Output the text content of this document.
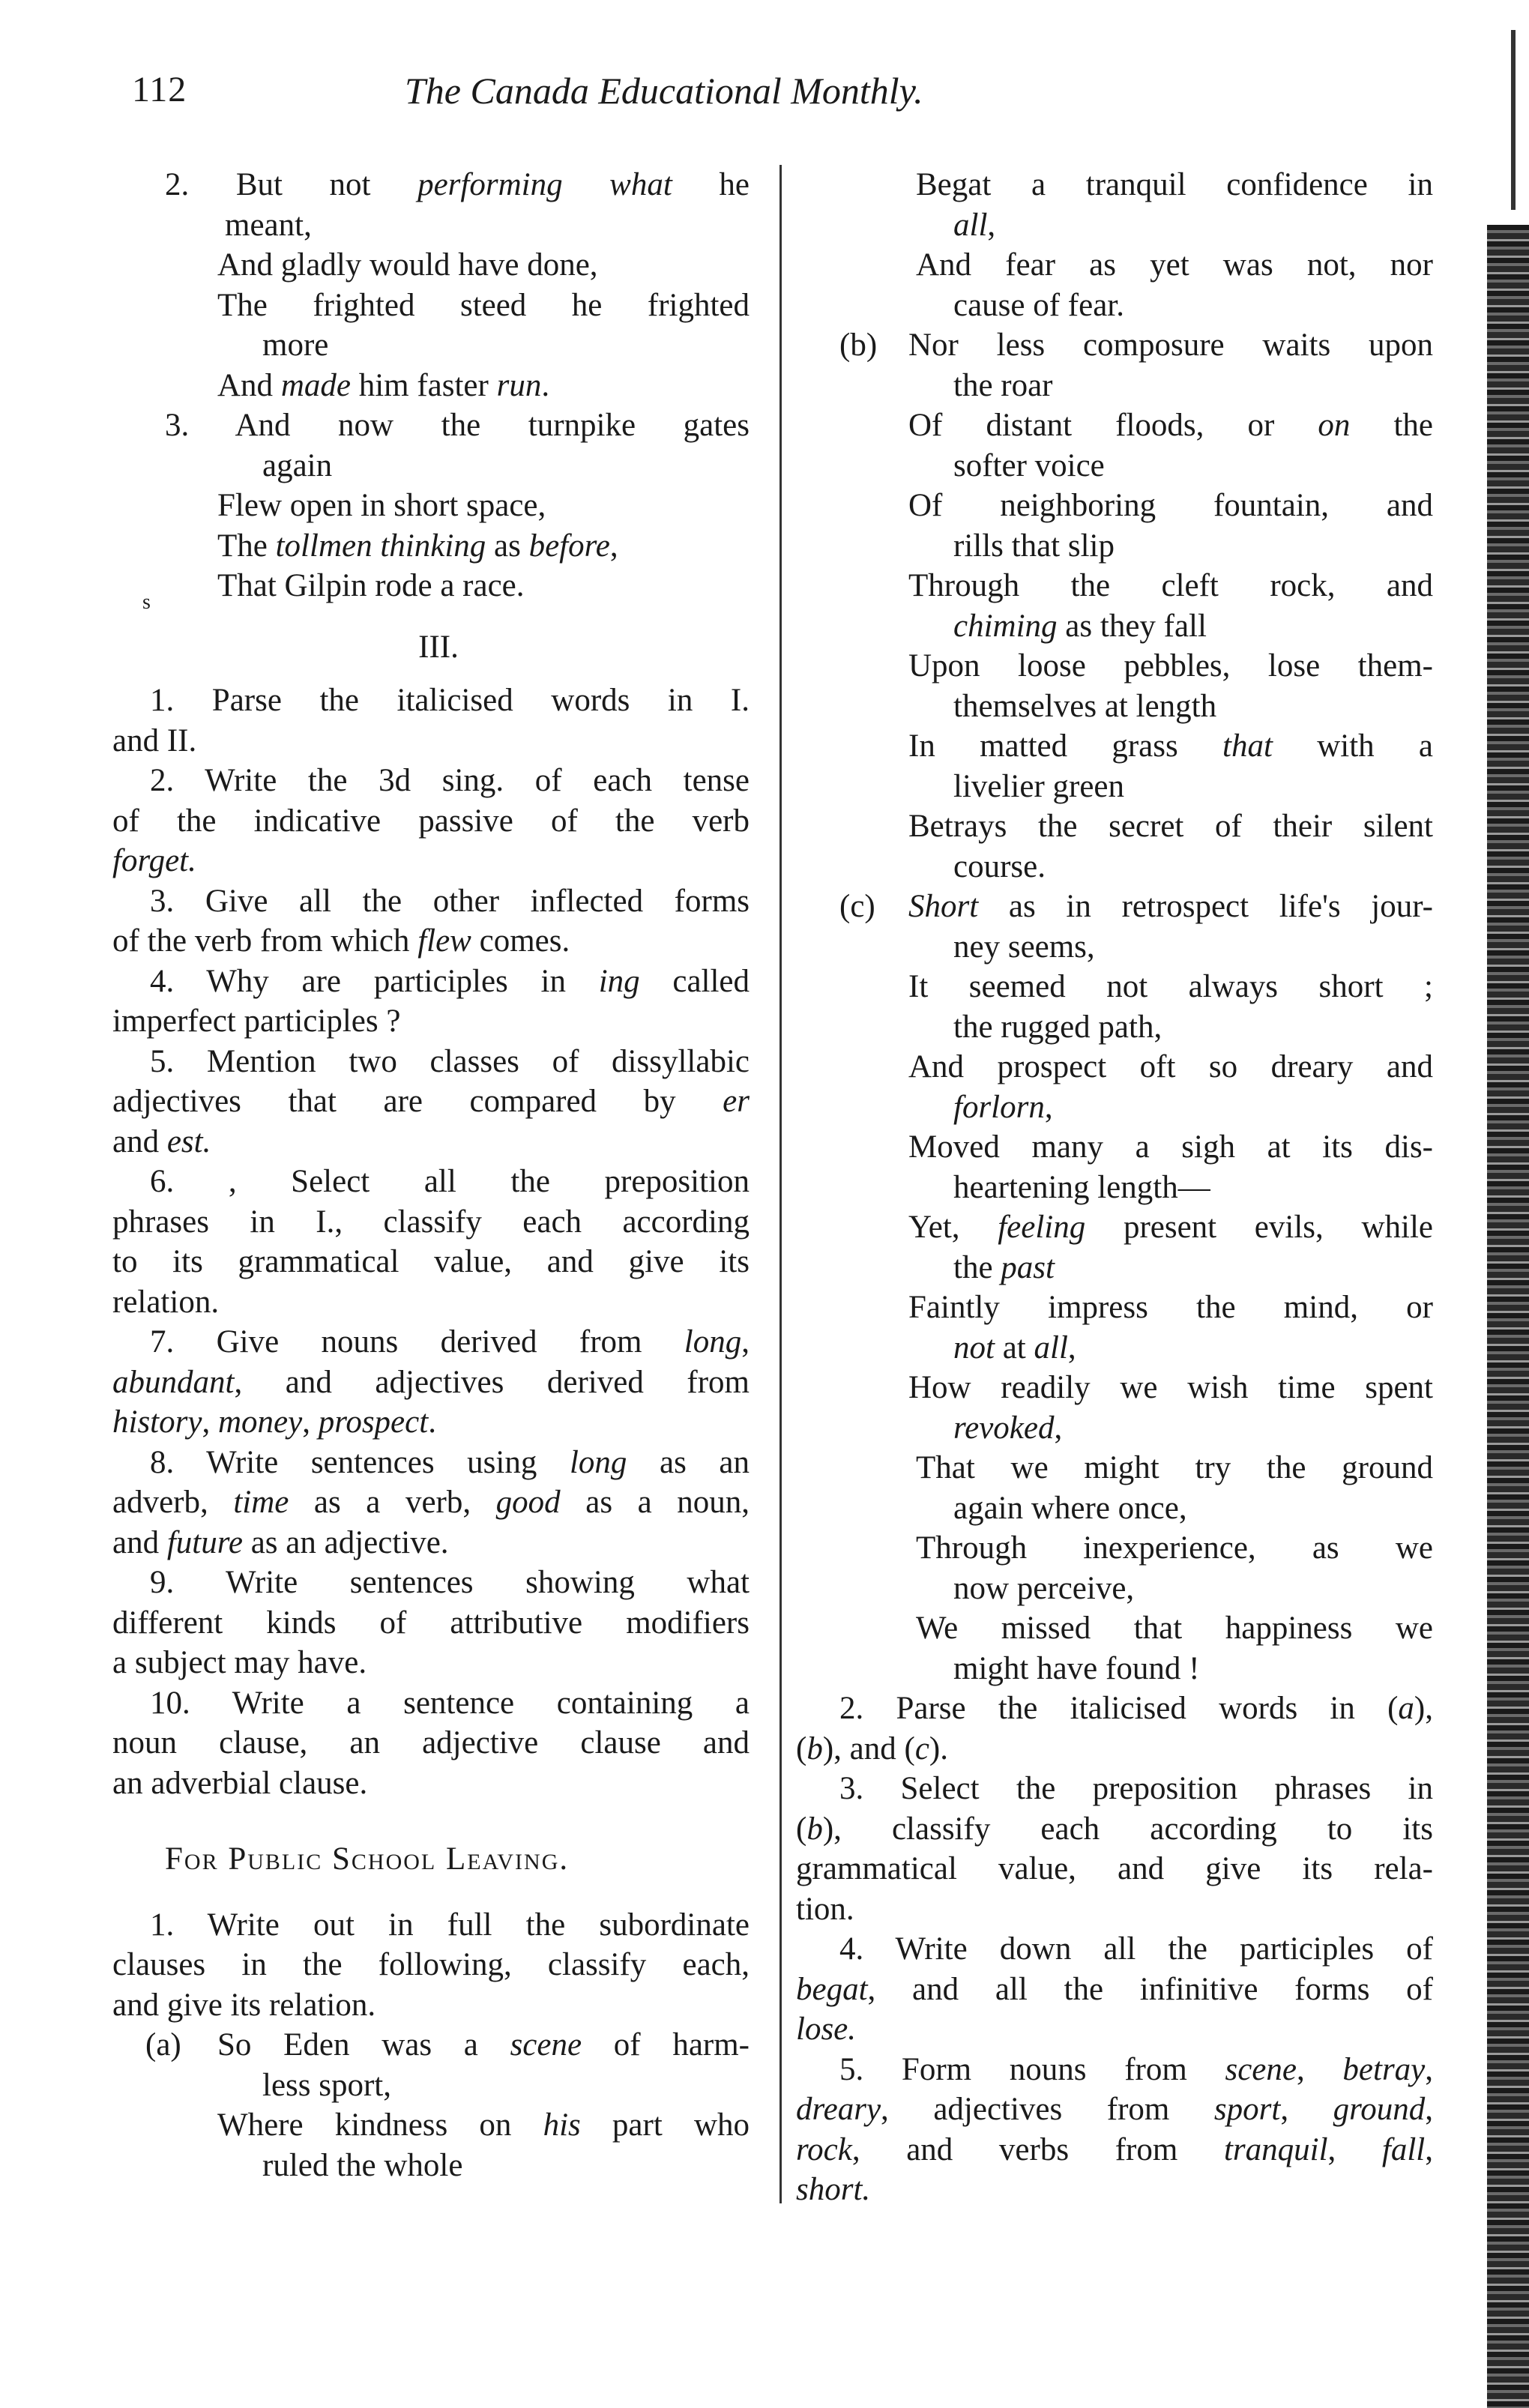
112	The Canada Educational Monthly.
2. But not performing what he
meant,
And gladly would have done,
The frighted steed he frighted
more
And made him faster run.
3. And now the turnpike gates
again
Flew open in short space,
The tollmen thinking as before,
s That Gilpin rode a race.
III.
1. Parse the italicised words in I.
and II.
2. Write the 3d sing. of each tense
of the indicative passive of the verb
forget.
3. Give all the other inflected forms
of the verb from which flew comes.
4. Why are participles in ing called
imperfect participles ?
5. Mention two classes of dissyllabic
adjectives that are compared by er
and est.
6. , Select all the preposition
phrases in I., classify each according
to its grammatical value, and give its
relation.
7. Give nouns derived from long,
abundant, and adjectives derived from
history, money, prospect.
8. Write sentences using long as an
adverb, time as a verb, good as a noun,
and future as an adjective.
9. Write sentences showing what
different kinds of attributive modifiers
a subject may have.
10. Write a sentence containing a
noun clause, an adjective clause and
an adverbial clause.
For Public School Leaving.
1. Write out in full the subordinate
clauses in the following, classify each,
and give its relation.
(a) So Eden was a scene of harm-
less sport,
Where kindness on his part who
ruled the whole
Begat a tranquil confidence in
all,
And fear as yet was not, nor
cause of fear.
(b) Nor less composure waits upon
the roar
Of distant floods, or on the
softer voice
Of neighboring fountain, and
rills that slip
Through the cleft rock, and
chiming as they fall
Upon loose pebbles, lose them-
themselves at length
In matted grass that with a
livelier green
Betrays the secret of their silent
course.
(c) Short as in retrospect life's jour-
ney seems,
It seemed not always short ;
the rugged path,
And prospect oft so dreary and
forlorn,
Moved many a sigh at its dis-
heartening length—
Yet, feeling present evils, while
the past
Faintly impress the mind, or
not at all,
How readily we wish time spent
revoked,
That we might try the ground
again where once,
Through inexperience, as we
now perceive,
We missed that happiness we
might have found !
2. Parse the italicised words in (a),
(b), and (c).
3. Select the preposition phrases in
(b), classify each according to its
grammatical value, and give its rela-
tion.
4. Write down all the participles of
begat, and all the infinitive forms of
lose.
5. Form nouns from scene, betray,
dreary, adjectives from sport, ground,
rock, and verbs from tranquil, fall,
short.
